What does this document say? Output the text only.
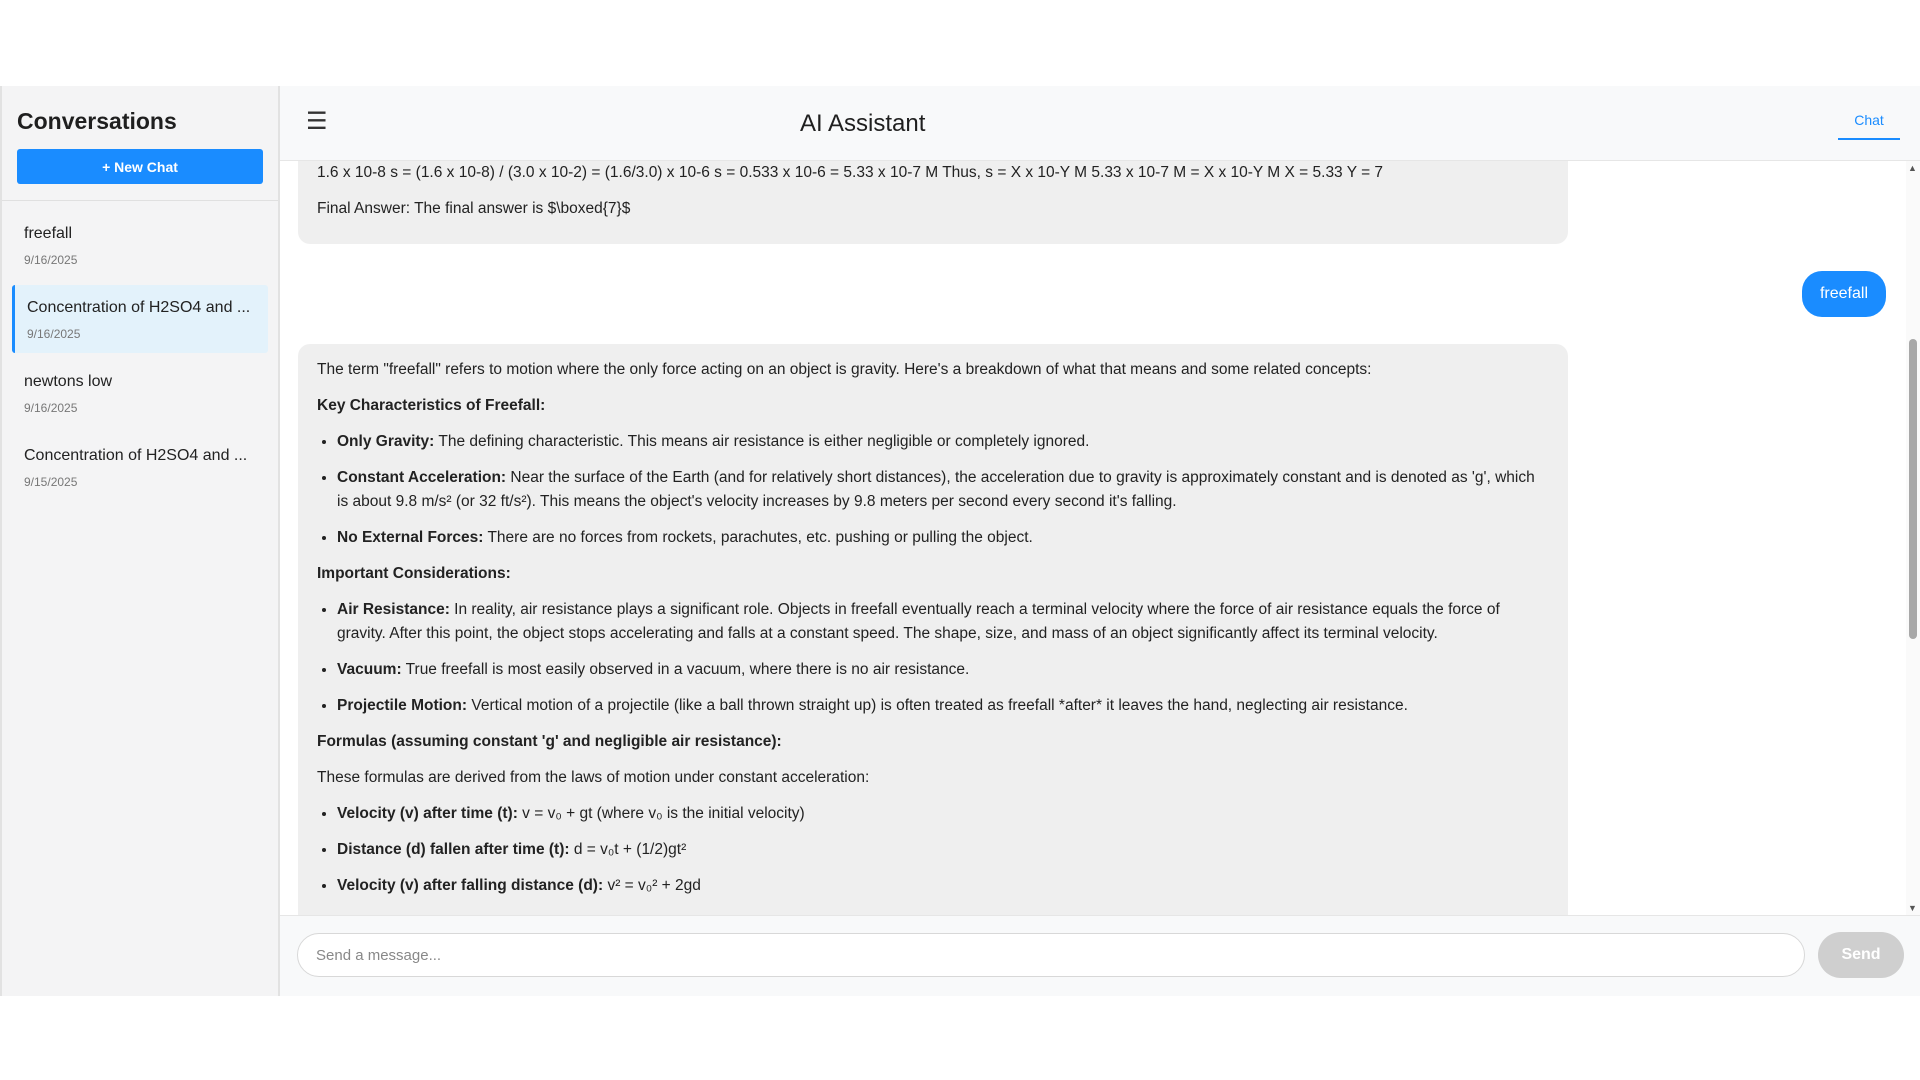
Conversations
+ New Chat
freefall
9/16/2025
Concentration of H2SO4 and ...
9/16/2025
newtons low
9/16/2025
Concentration of H2SO4 and ...
9/15/2025
☰	AI Assistant	Chat

1.6 x 10-8 s = (1.6 x 10-8) / (3.0 x 10-2) = (1.6/3.0) x 10-6 s = 0.533 x 10-6 = 5.33 x 10-7 M Thus, s = X x 10-Y M 5.33 x 10-7 M = X x 10-Y M X = 5.33 Y = 7

Final Answer: The final answer is $\boxed{7}$

freefall

The term "freefall" refers to motion where the only force acting on an object is gravity. Here's a breakdown of what that means and some related concepts:

Key Characteristics of Freefall:

• Only Gravity: The defining characteristic. This means air resistance is either negligible or completely ignored.
• Constant Acceleration: Near the surface of the Earth (and for relatively short distances), the acceleration due to gravity is approximately constant and is denoted as 'g', which is about 9.8 m/s² (or 32 ft/s²). This means the object's velocity increases by 9.8 meters per second every second it's falling.
• No External Forces: There are no forces from rockets, parachutes, etc. pushing or pulling the object.

Important Considerations:

• Air Resistance: In reality, air resistance plays a significant role. Objects in freefall eventually reach a terminal velocity where the force of air resistance equals the force of gravity. After this point, the object stops accelerating and falls at a constant speed. The shape, size, and mass of an object significantly affect its terminal velocity.
• Vacuum: True freefall is most easily observed in a vacuum, where there is no air resistance.
• Projectile Motion: Vertical motion of a projectile (like a ball thrown straight up) is often treated as freefall *after* it leaves the hand, neglecting air resistance.

Formulas (assuming constant 'g' and negligible air resistance):

These formulas are derived from the laws of motion under constant acceleration:

• Velocity (v) after time (t): v = v₀ + gt (where v₀ is the initial velocity)
• Distance (d) fallen after time (t): d = v₀t + (1/2)gt²
• Velocity (v) after falling distance (d): v² = v₀² + 2gd
▲
▼
Send a message...
Send
